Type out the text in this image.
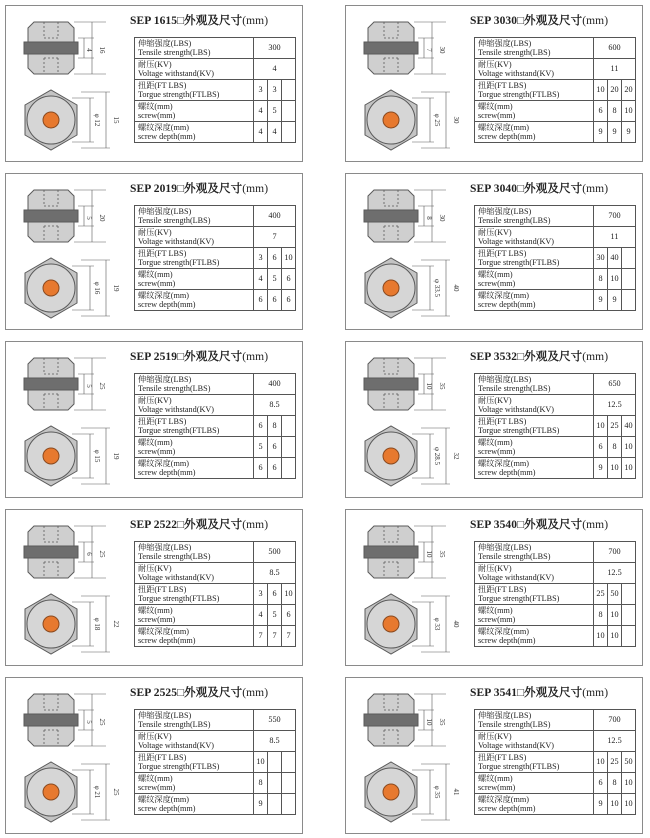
4 16
φ 12 15
SEP 1615□外观及尺寸(mm)
伸缩强度(LBS)
Tensile strength(LBS)	300		

耐压(KV)
Voltage withstand(KV)	4		

扭距(FT LBS)
Torgue strength(FTLBS)	3	3	

螺纹(mm)
screw(mm)	4	5	

螺纹深度(mm)
screw depth(mm)	4	4	
7 30
φ 25 30
SEP 3030□外观及尺寸(mm)
伸缩强度(LBS)
Tensile strength(LBS)	600		

耐压(KV)
Voltage withstand(KV)	11		

扭距(FT LBS)
Torgue strength(FTLBS)	10	20	20

螺纹(mm)
screw(mm)	6	8	10

螺纹深度(mm)
screw depth(mm)	9	9	9
5 20
φ 16 19
SEP 2019□外观及尺寸(mm)
伸缩强度(LBS)
Tensile strength(LBS)	400		

耐压(KV)
Voltage withstand(KV)	7		

扭距(FT LBS)
Torgue strength(FTLBS)	3	6	10

螺纹(mm)
screw(mm)	4	5	6

螺纹深度(mm)
screw depth(mm)	6	6	6
8 30
φ 33.5 40
SEP 3040□外观及尺寸(mm)
伸缩强度(LBS)
Tensile strength(LBS)	700		

耐压(KV)
Voltage withstand(KV)	11		

扭距(FT LBS)
Torgue strength(FTLBS)	30	40	

螺纹(mm)
screw(mm)	8	10	

螺纹深度(mm)
screw depth(mm)	9	9	
5 25
φ 15 19
SEP 2519□外观及尺寸(mm)
伸缩强度(LBS)
Tensile strength(LBS)	400		

耐压(KV)
Voltage withstand(KV)	8.5		

扭距(FT LBS)
Torgue strength(FTLBS)	6	8	

螺纹(mm)
screw(mm)	5	6	

螺纹深度(mm)
screw depth(mm)	6	6	
10 35
φ 28.5 32
SEP 3532□外观及尺寸(mm)
伸缩强度(LBS)
Tensile strength(LBS)	650		

耐压(KV)
Voltage withstand(KV)	12.5		

扭距(FT LBS)
Torgue strength(FTLBS)	10	25	40

螺纹(mm)
screw(mm)	6	8	10

螺纹深度(mm)
screw depth(mm)	9	10	10
6 25
φ 18 22
SEP 2522□外观及尺寸(mm)
伸缩强度(LBS)
Tensile strength(LBS)	500		

耐压(KV)
Voltage withstand(KV)	8.5		

扭距(FT LBS)
Torgue strength(FTLBS)	3	6	10

螺纹(mm)
screw(mm)	4	5	6

螺纹深度(mm)
screw depth(mm)	7	7	7
10 35
φ 33 40
SEP 3540□外观及尺寸(mm)
伸缩强度(LBS)
Tensile strength(LBS)	700		

耐压(KV)
Voltage withstand(KV)	12.5		

扭距(FT LBS)
Torgue strength(FTLBS)	25	50	

螺纹(mm)
screw(mm)	8	10	

螺纹深度(mm)
screw depth(mm)	10	10	
5 25
φ 21 25
SEP 2525□外观及尺寸(mm)
伸缩强度(LBS)
Tensile strength(LBS)	550		

耐压(KV)
Voltage withstand(KV)	8.5		

扭距(FT LBS)
Torgue strength(FTLBS)	10		

螺纹(mm)
screw(mm)	8		

螺纹深度(mm)
screw depth(mm)	9		
10 35
φ 35 41
SEP 3541□外观及尺寸(mm)
伸缩强度(LBS)
Tensile strength(LBS)	700		

耐压(KV)
Voltage withstand(KV)	12.5		

扭距(FT LBS)
Torgue strength(FTLBS)	10	25	50

螺纹(mm)
screw(mm)	6	8	10

螺纹深度(mm)
screw depth(mm)	9	10	10
